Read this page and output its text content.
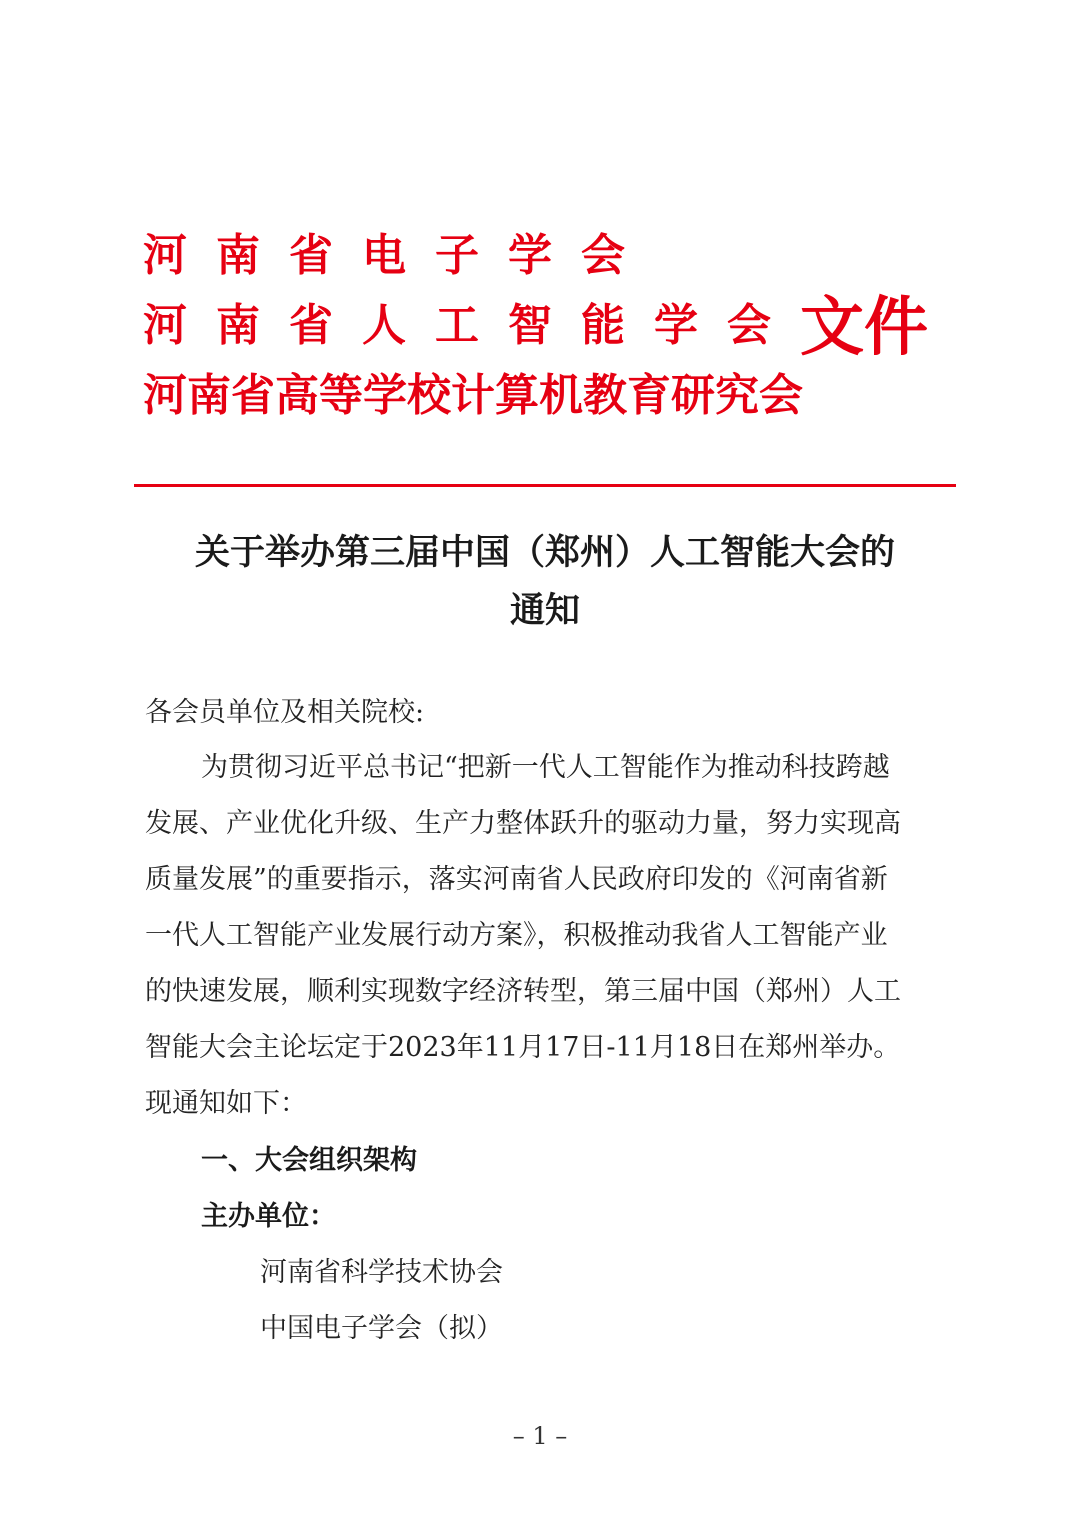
河南省电子学会
河南省人工智能学会
河南省高等学校计算机教育研究会
文件
关于举办第三届中国（郑州）人工智能大会的
通知
各会员单位及相关院校:
为贯彻习近平总书记“把新一代人工智能作为推动科技跨越
发展、产业优化升级、生产力整体跃升的驱动力量，努力实现高
质量发展”的重要指示，落实河南省人民政府印发的《河南省新
一代人工智能产业发展行动方案》，积极推动我省人工智能产业
的快速发展，顺利实现数字经济转型，第三届中国（郑州）人工
智能大会主论坛定于2023年11月17日-11月18日在郑州举办。
现通知如下：
一、大会组织架构
主办单位：
河南省科学技术协会
中国电子学会（拟）
– 1 –
